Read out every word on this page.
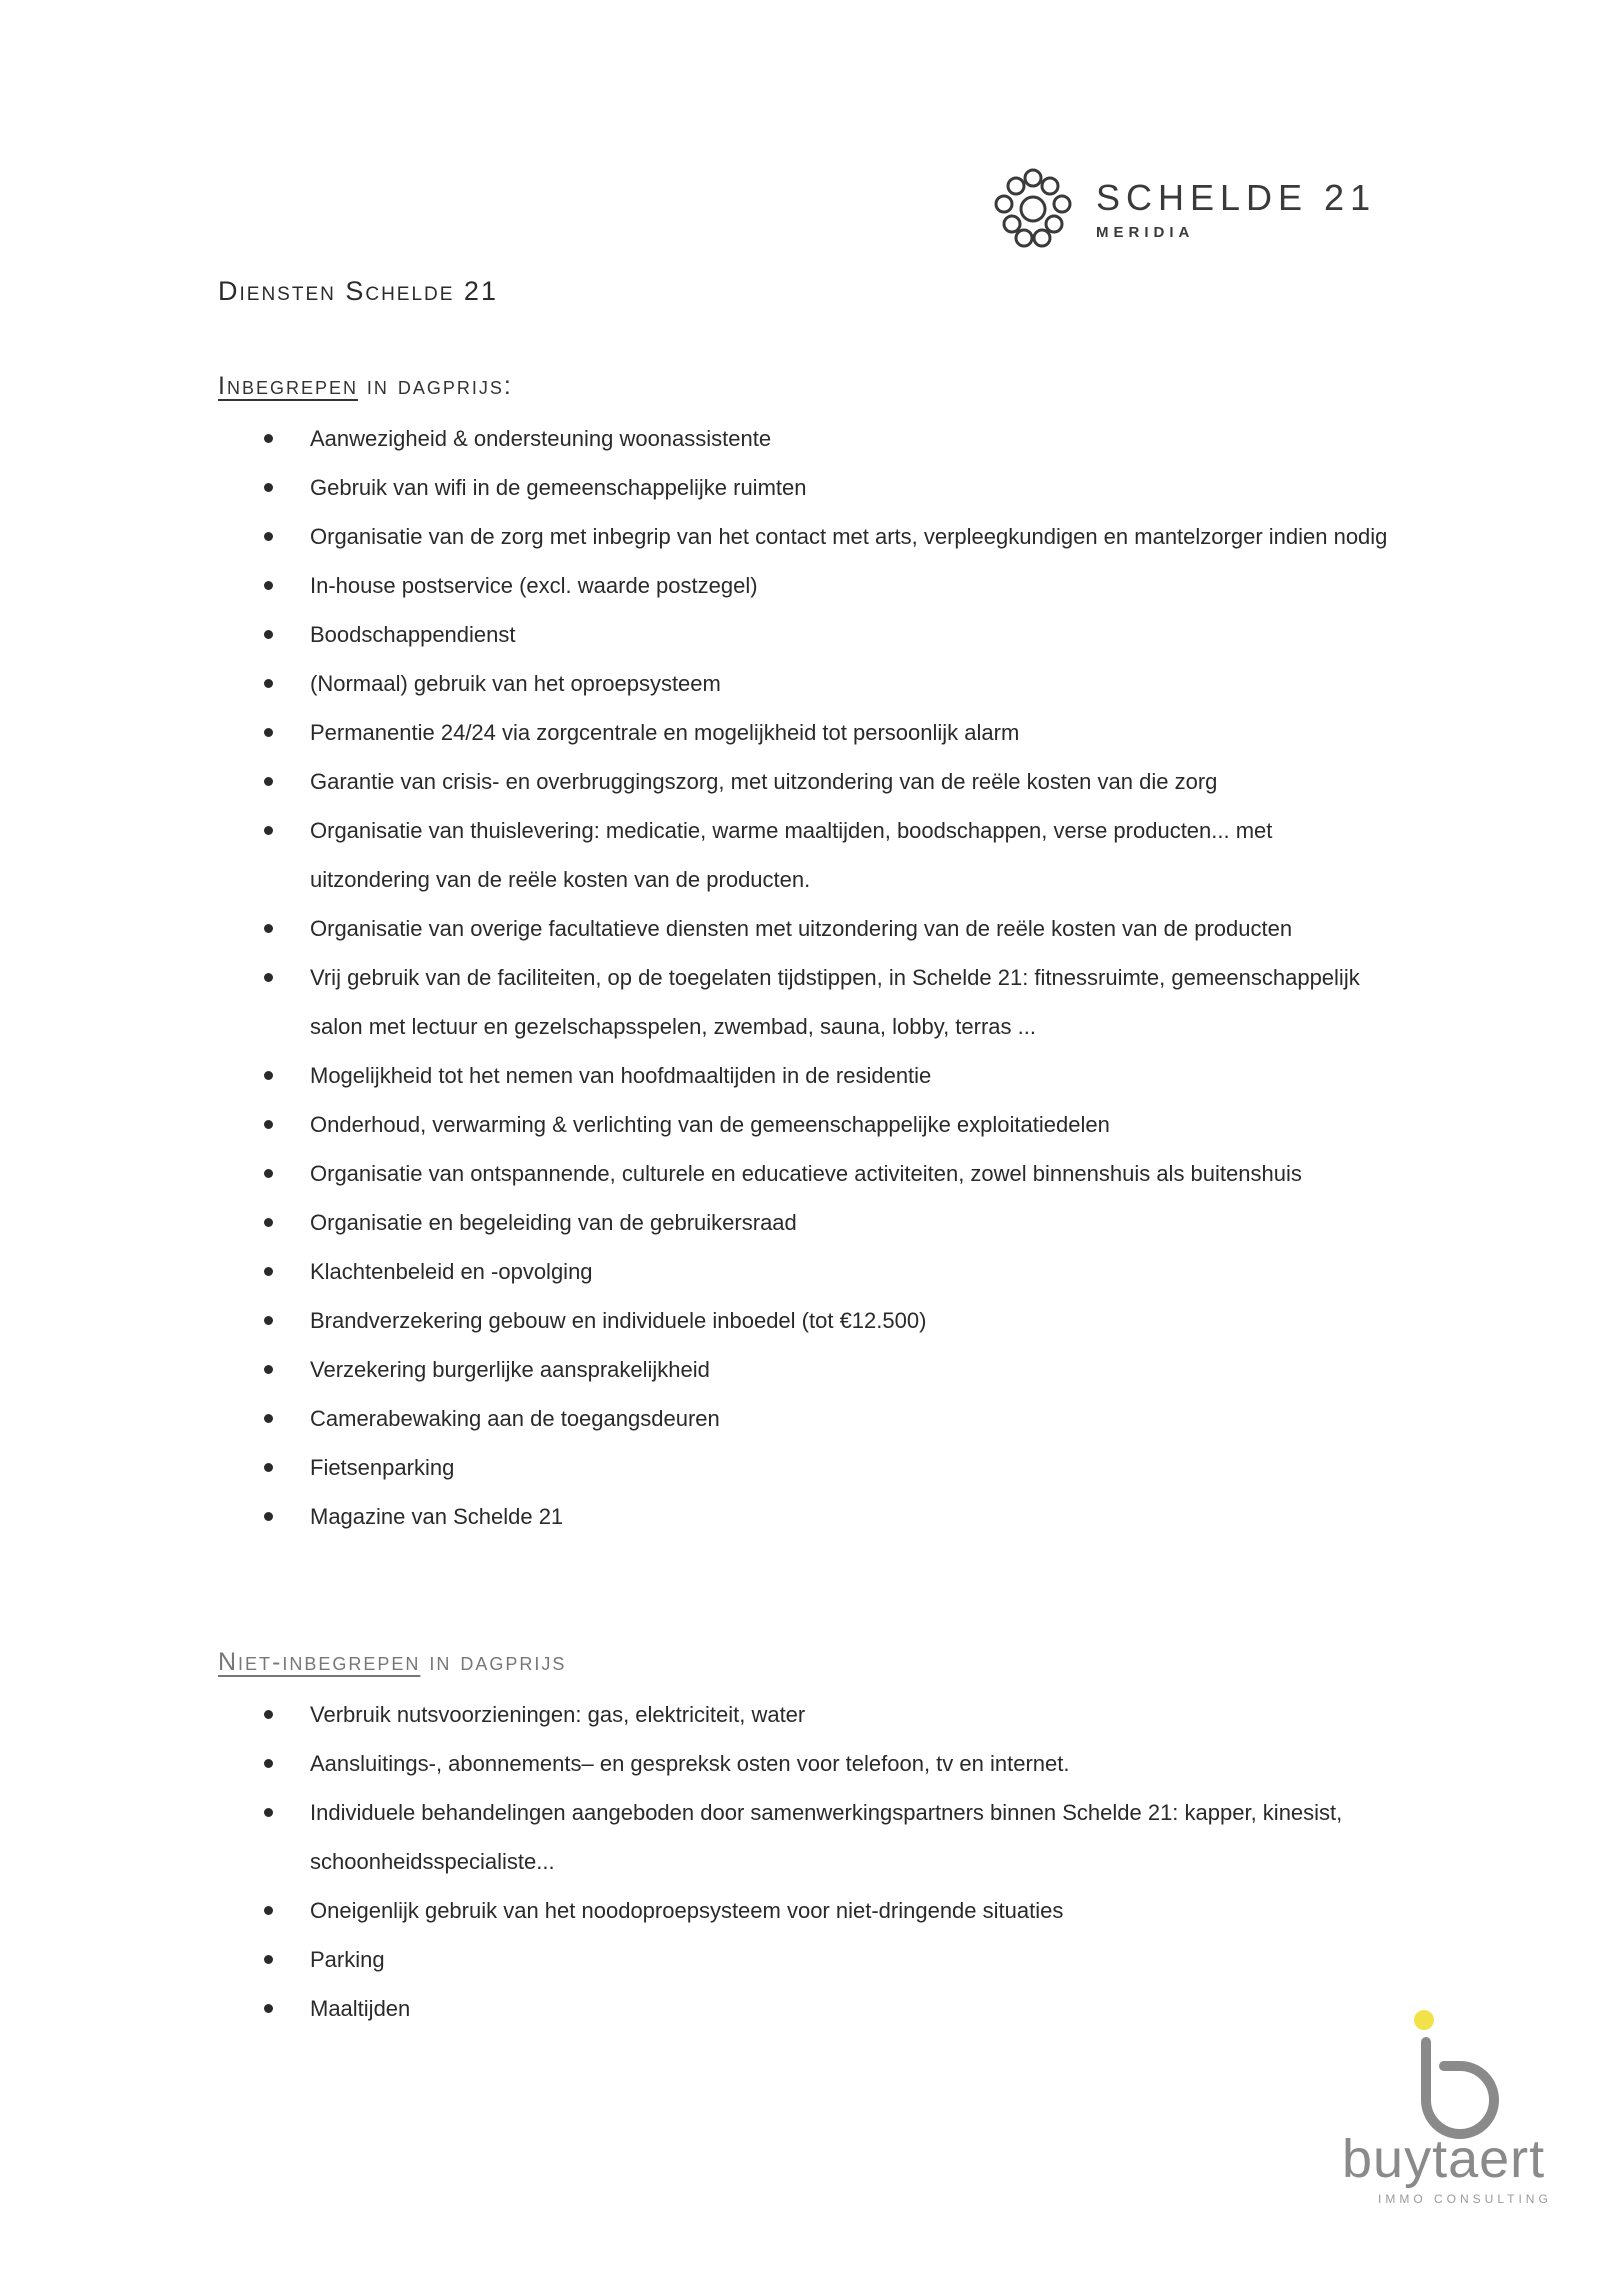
SCHELDE 21
MERIDIA
Diensten Schelde 21
Inbegrepen in dagprijs:
Aanwezigheid & ondersteuning woonassistente
Gebruik van wifi in de gemeenschappelijke ruimten
Organisatie van de zorg met inbegrip van het contact met arts, verpleegkundigen en mantelzorger indien nodig
In-house postservice (excl. waarde postzegel)
Boodschappendienst
(Normaal) gebruik van het oproepsysteem
Permanentie 24/24 via zorgcentrale en mogelijkheid tot persoonlijk alarm
Garantie van crisis- en overbruggingszorg, met uitzondering van de reële kosten van die zorg
Organisatie van thuislevering: medicatie, warme maaltijden, boodschappen, verse producten... met uitzondering van de reële kosten van de producten.
Organisatie van overige facultatieve diensten met uitzondering van de reële kosten van de producten
Vrij gebruik van de faciliteiten, op de toegelaten tijdstippen, in Schelde 21: fitnessruimte, gemeenschappelijk salon met lectuur en gezelschapsspelen, zwembad, sauna, lobby, terras ...
Mogelijkheid tot het nemen van hoofdmaaltijden in de residentie
Onderhoud, verwarming & verlichting van de gemeenschappelijke exploitatiedelen
Organisatie van ontspannende, culturele en educatieve activiteiten, zowel binnenshuis als buitenshuis
Organisatie en begeleiding van de gebruikersraad
Klachtenbeleid en -opvolging
Brandverzekering gebouw en individuele inboedel (tot €12.500)
Verzekering burgerlijke aansprakelijkheid
Camerabewaking aan de toegangsdeuren
Fietsenparking
Magazine van Schelde 21
Niet-inbegrepen in dagprijs
Verbruik nutsvoorzieningen: gas, elektriciteit, water
Aansluitings-, abonnements– en gespreksk osten voor telefoon, tv en internet.
Individuele behandelingen aangeboden door samenwerkingspartners binnen Schelde 21: kapper, kinesist, schoonheidsspecialiste...
Oneigenlijk gebruik van het noodoproepsysteem voor niet-dringende situaties
Parking
Maaltijden
buytaert
IMMO CONSULTING
